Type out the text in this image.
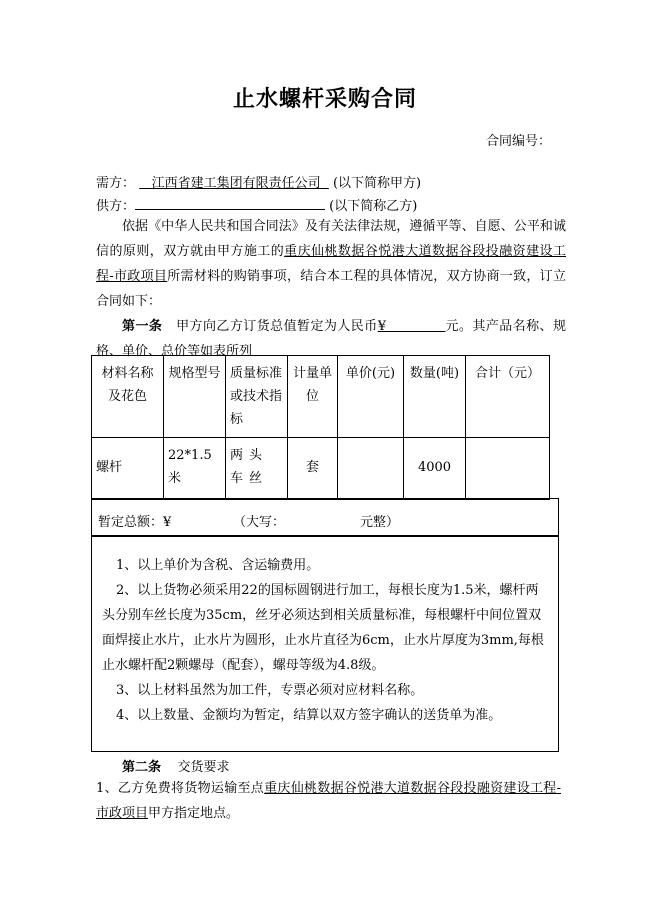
止水螺杆采购合同
合同编号：
需方： 江西省建工集团有限责任公司 (以下简称甲方)
供方：	(以下简称乙方)
依据《中华人民共和国合同法》及有关法律法规，遵循平等、自愿、公平和诚信的原则，双方就由甲方施工的重庆仙桃数据谷悦港大道数据谷段投融资建设工程-市政项目所需材料的购销事项，结合本工程的具体情况，双方协商一致，订立合同如下：
第一条 甲方向乙方订货总值暂定为人民币¥	元。其产品名称、规格、单价、总价等如表所列
材料名称及花色	规格型号	质量标准或技术指标	计量单位	单价(元)	数量(吨)	合计（元）
螺杆	22*1.5米	两头车丝	套		4000	
暂定总额：¥	（大写：	元整）

1、以上单价为含税、含运输费用。

2、以上货物必须采用22的国标圆钢进行加工，每根长度为1.5米，螺杆两头分别车丝长度为35cm，丝牙必须达到相关质量标准，每根螺杆中间位置双面焊接止水片，止水片为圆形，止水片直径为6cm，止水片厚度为3mm,每根止水螺杆配2颗螺母（配套），螺母等级为4.8级。

3、以上材料虽然为加工件，专票必须对应材料名称。

4、以上数量、金额均为暂定，结算以双方签字确认的送货单为准。

第二条 交货要求
1、乙方免费将货物运输至点重庆仙桃数据谷悦港大道数据谷段投融资建设工程-市政项目甲方指定地点。
